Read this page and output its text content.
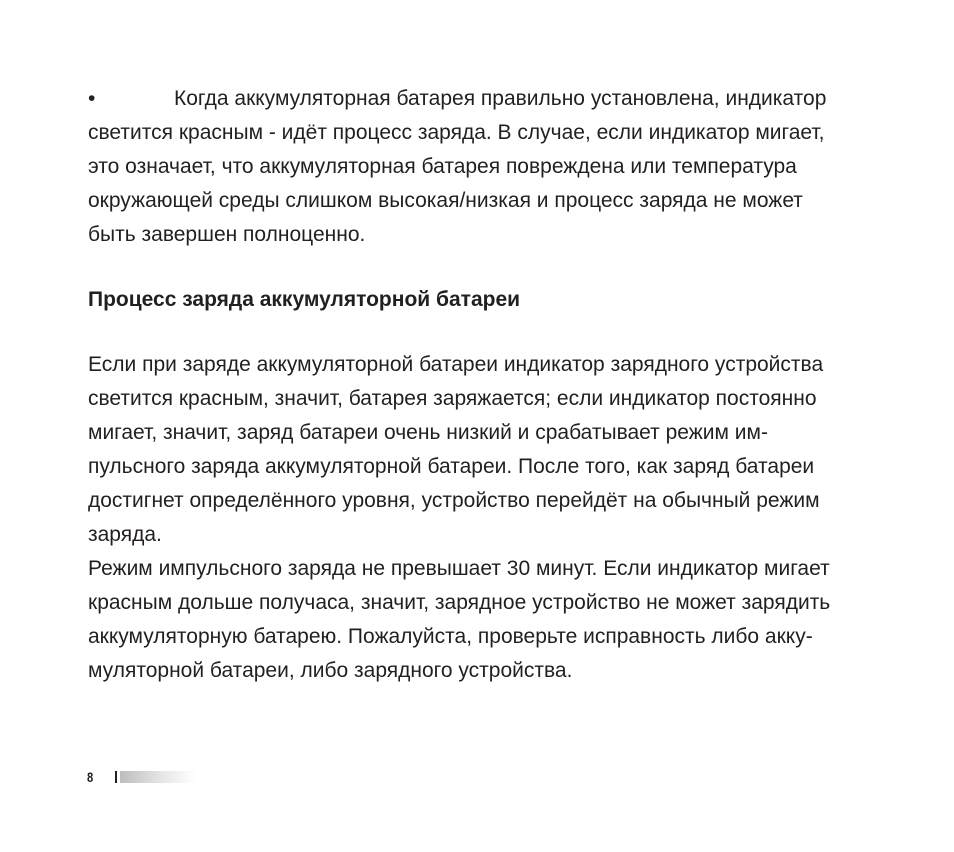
•	Когда аккумуляторная батарея правильно установлена, индикатор
светится красным - идёт процесс заряда. В случае, если индикатор мигает,
это означает, что аккумуляторная батарея повреждена или температура
окружающей среды слишком высокая/низкая и процесс заряда не может
быть завершен полноценно.
Процесс заряда аккумуляторной батареи
Если при заряде аккумуляторной батареи индикатор зарядного устройства
светится красным, значит, батарея заряжается; если индикатор постоянно
мигает, значит, заряд батареи очень низкий и срабатывает режим им-
пульсного заряда аккумуляторной батареи. После того, как заряд батареи
достигнет определённого уровня, устройство перейдёт на обычный режим
заряда.
Режим импульсного заряда не превышает 30 минут. Если индикатор мигает
красным дольше получаса, значит, зарядное устройство не может зарядить
аккумуляторную батарею. Пожалуйста, проверьте исправность либо акку-
муляторной батареи, либо зарядного устройства.
8
